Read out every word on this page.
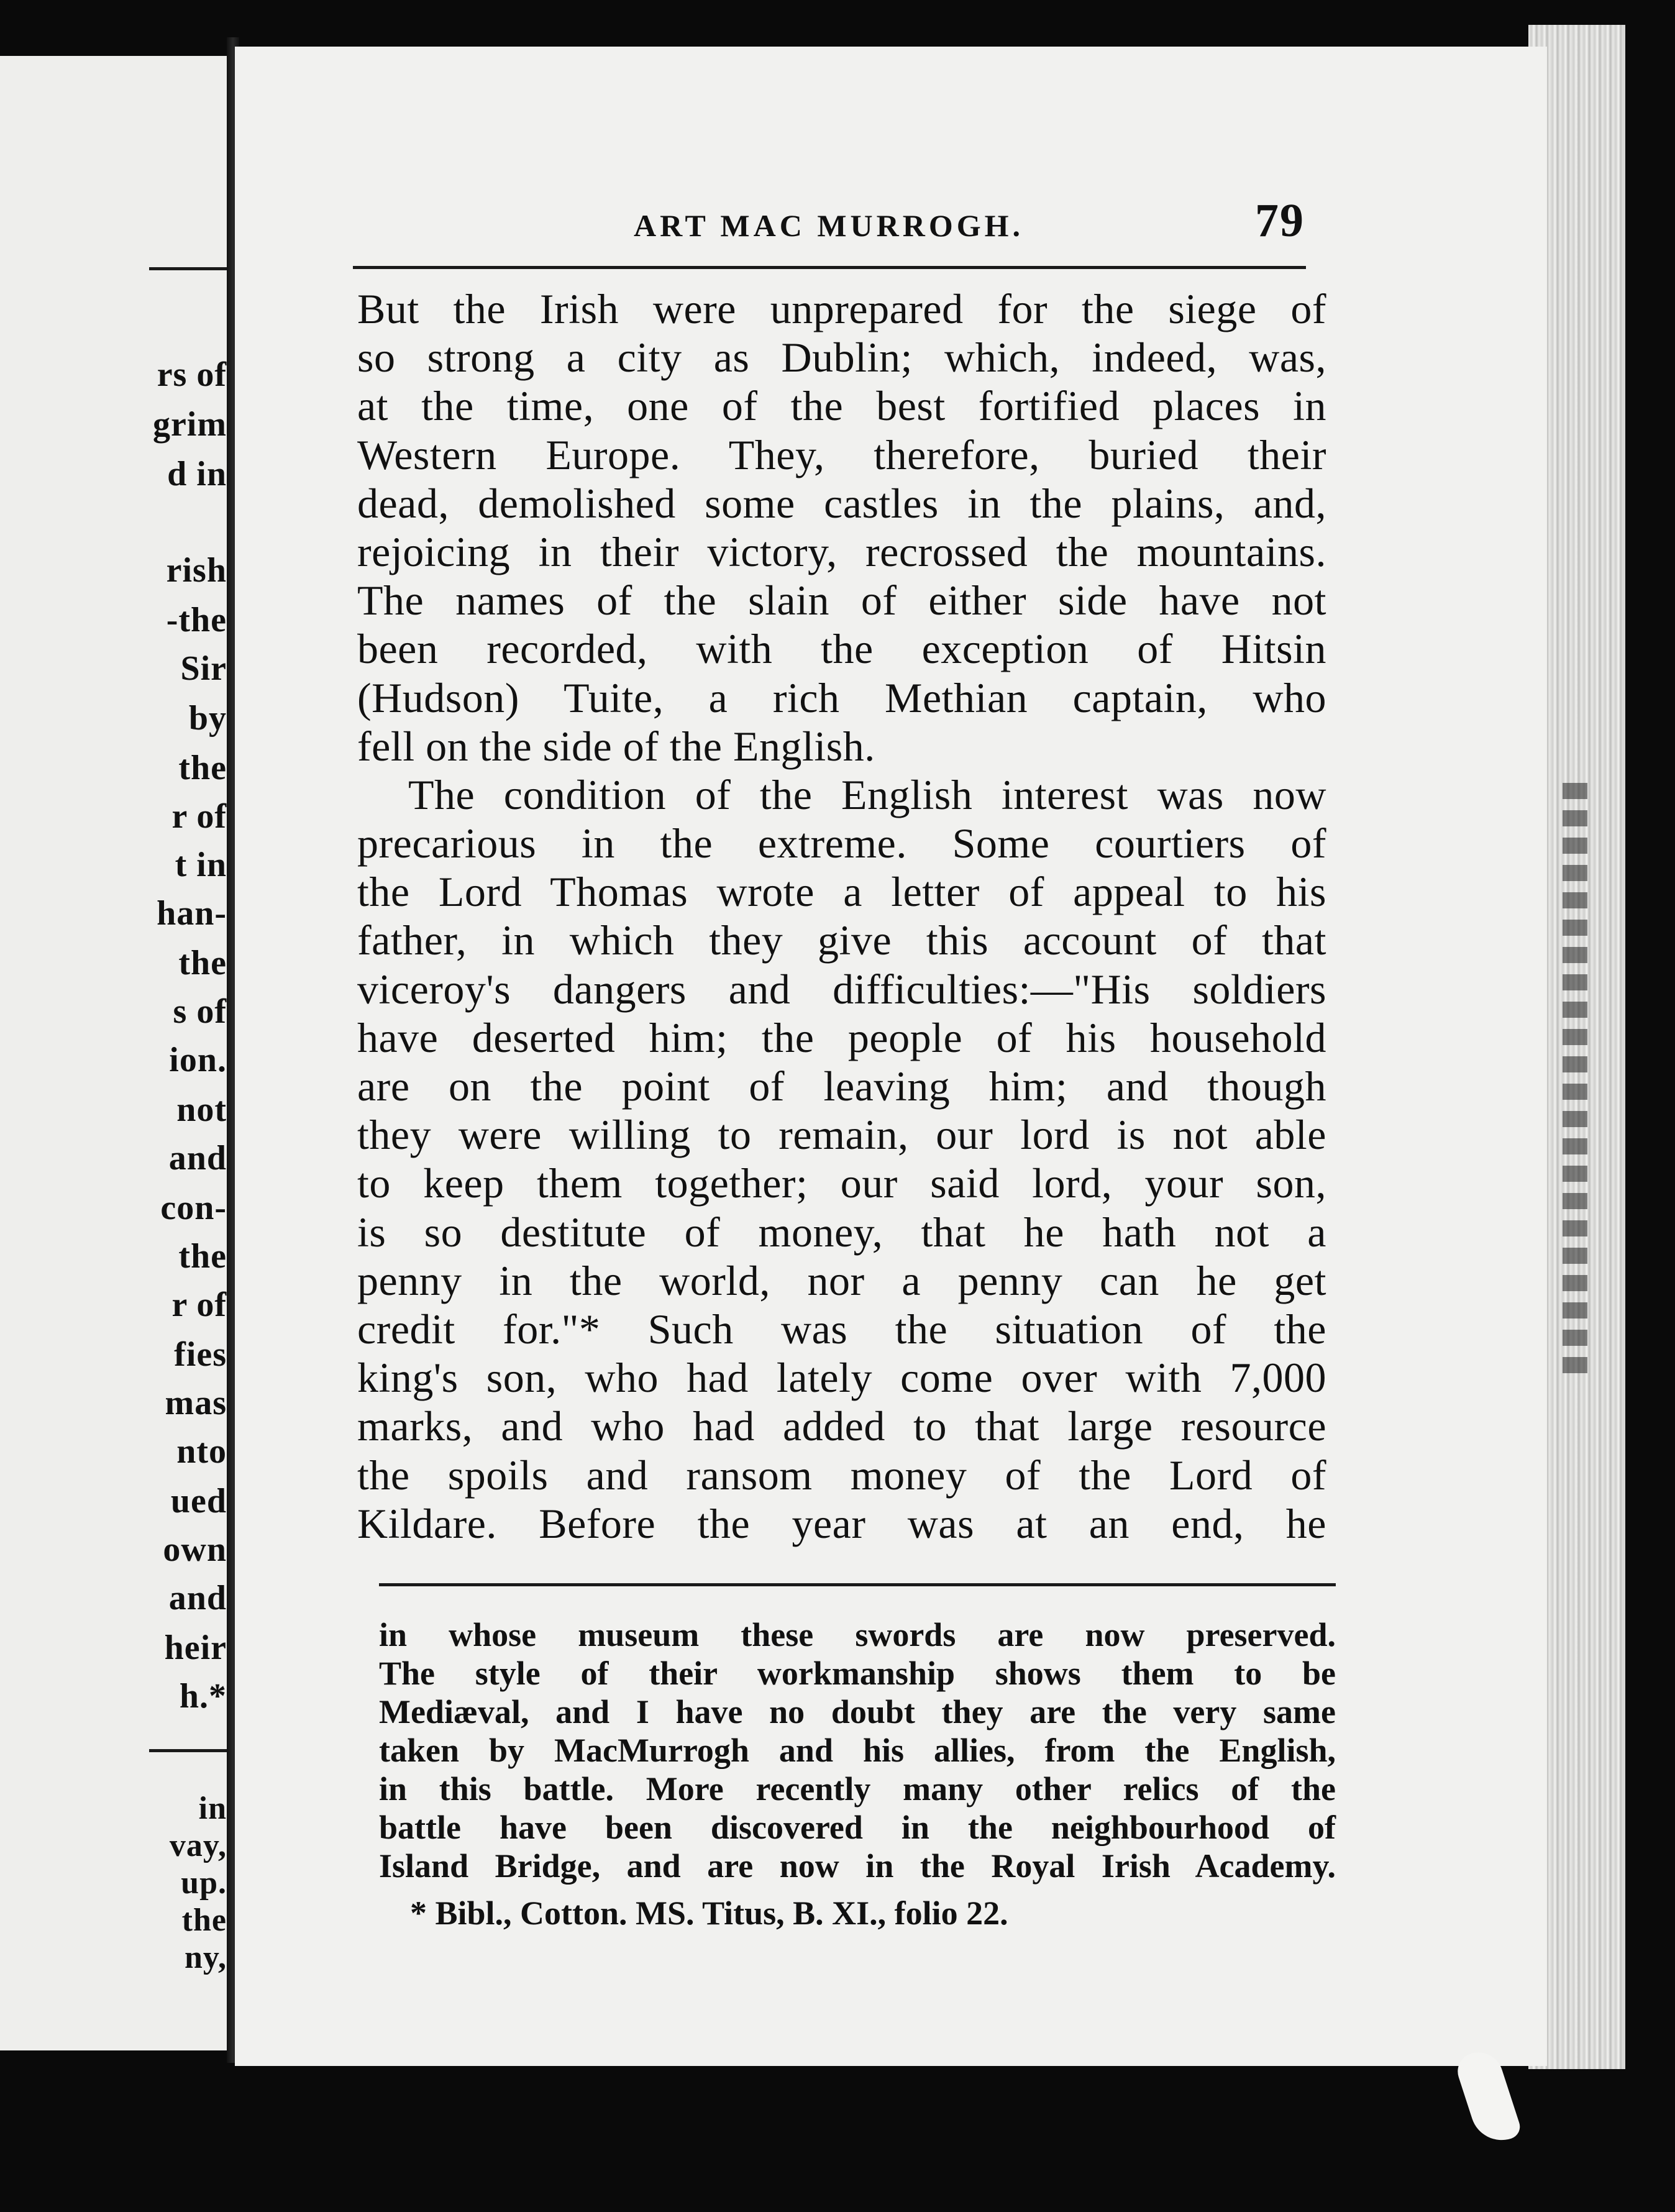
rs of
grim
d in
rish
-the
Sir
by
the
r of
t in
han-
the
s of
ion.
not
and
con-
the
r of
fies
mas
nto
ued
own
and
heir
h.*
in
vay,
up.
the
ny,
ART MAC MURROGH.	79
But the Irish were unprepared for the siege of
so strong a city as Dublin; which, indeed, was,
at the time, one of the best fortified places in
Western Europe. They, therefore, buried their
dead, demolished some castles in the plains, and,
rejoicing in their victory, recrossed the mountains.
The names of the slain of either side have not
been recorded, with the exception of Hitsin
(Hudson) Tuite, a rich Methian captain, who
fell on the side of the English.
The condition of the English interest was now
precarious in the extreme. Some courtiers of
the Lord Thomas wrote a letter of appeal to his
father, in which they give this account of that
viceroy's dangers and difficulties:—"His soldiers
have deserted him; the people of his household
are on the point of leaving him; and though
they were willing to remain, our lord is not able
to keep them together; our said lord, your son,
is so destitute of money, that he hath not a
penny in the world, nor a penny can he get
credit for."* Such was the situation of the
king's son, who had lately come over with 7,000
marks, and who had added to that large resource
the spoils and ransom money of the Lord of
Kildare. Before the year was at an end, he
in whose museum these swords are now preserved.
The style of their workmanship shows them to be
Mediæval, and I have no doubt they are the very same
taken by MacMurrogh and his allies, from the English,
in this battle. More recently many other relics of the
battle have been discovered in the neighbourhood of
Island Bridge, and are now in the Royal Irish Academy.
* Bibl., Cotton. MS. Titus, B. XI., folio 22.
